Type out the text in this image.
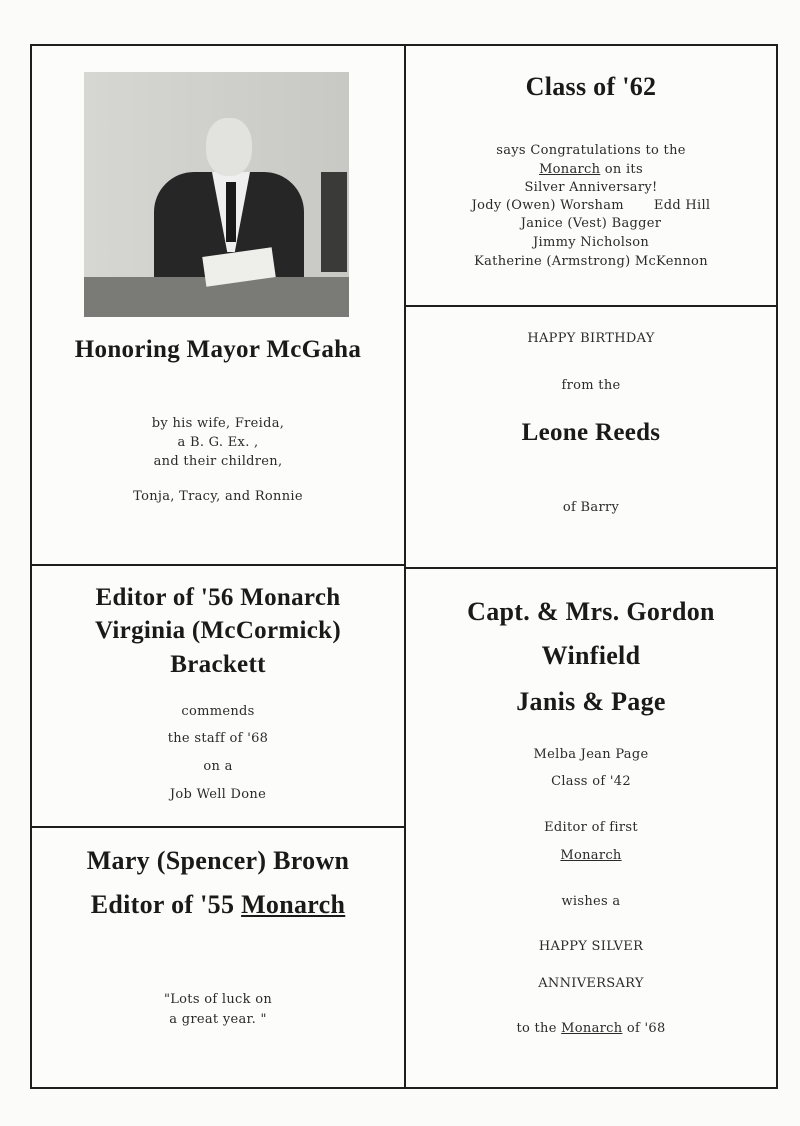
Honoring Mayor McGaha
by his wife, Freida,
a B. G. Ex. ,
and their children,
Tonja, Tracy, and Ronnie
Class of '62
says Congratulations to the
Monarch on its
Silver Anniversary!
Jody (Owen) Worsham Edd Hill
Janice (Vest) Bagger
Jimmy Nicholson
Katherine (Armstrong) McKennon
HAPPY BIRTHDAY
from the
Leone Reeds
of Barry
Editor of '56 Monarch
Virginia (McCormick)
Brackett
commends
the staff of '68
on a
Job Well Done
Capt. & Mrs. Gordon
Winfield
Janis & Page
Melba Jean Page
Class of '42
Editor of first
Monarch
wishes a
HAPPY SILVER
ANNIVERSARY
to the Monarch of '68
Mary (Spencer) Brown
Editor of '55 Monarch
"Lots of luck on
a great year. "
